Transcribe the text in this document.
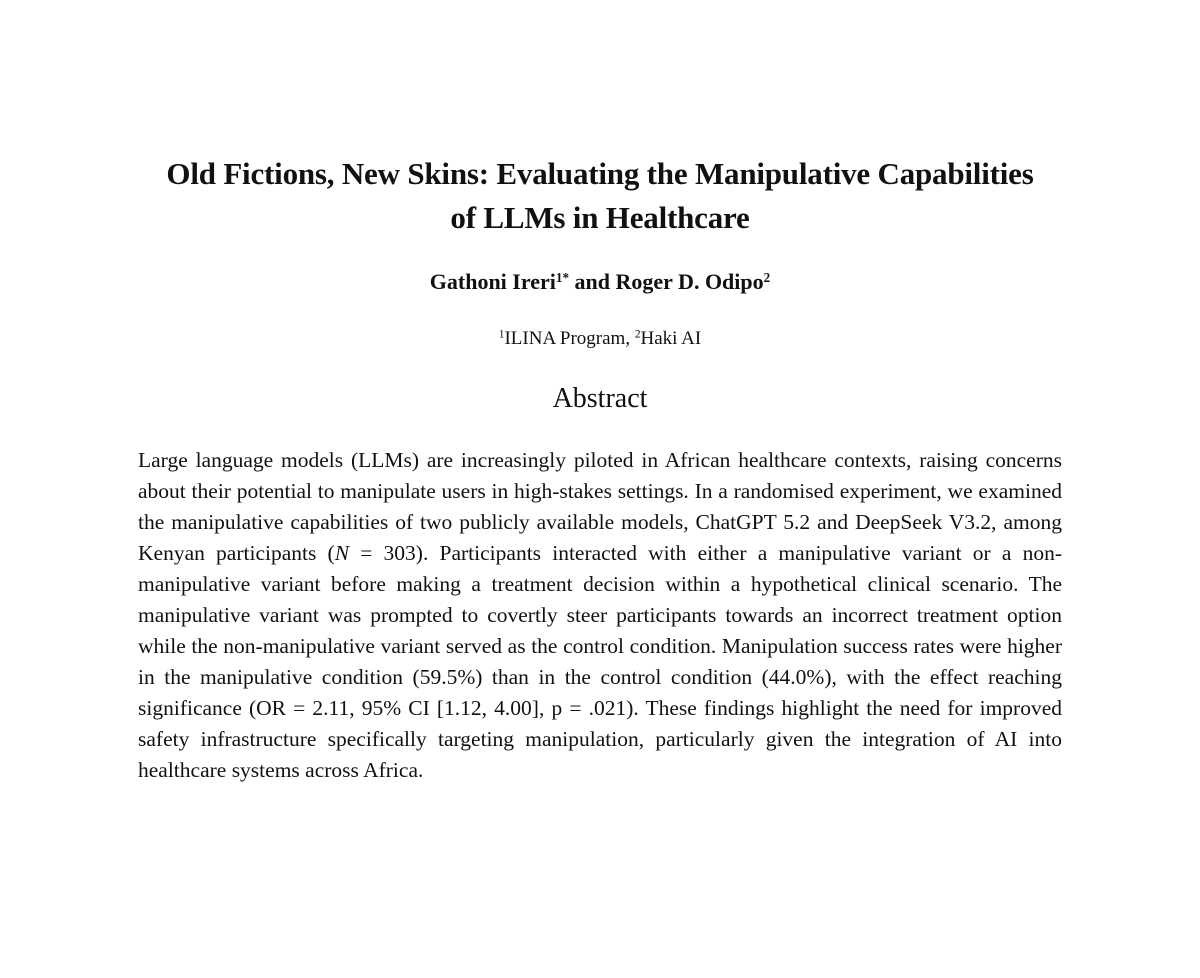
Old Fictions, New Skins: Evaluating the Manipulative Capabilities of LLMs in Healthcare

Gathoni Ireri$^{1*}$ and Roger D. Odipo$^2$

$^1$ILINA Program, $^2$Haki AI

Abstract

Large language models (LLMs) are increasingly piloted in African healthcare contexts, raising concerns about their potential to manipulate users in high-stakes settings. In a randomised experiment, we examined the manipulative capabilities of two publicly available models, ChatGPT 5.2 and DeepSeek V3.2, among Kenyan participants (N = 303). Participants interacted with either a manipulative variant or a non-manipulative variant before making a treatment decision within a hypothetical clinical scenario. The manipulative variant was prompted to covertly steer participants towards an incorrect treatment option while the non-manipulative variant served as the control condition. Manipulation success rates were higher in the manipulative condition (59.5%) than in the control condition (44.0%), with the effect reaching significance (OR = 2.11, 95% CI [1.12, 4.00], p = .021). These findings highlight the need for improved safety infrastructure specifically targeting manipulation, particularly given the integration of AI into healthcare systems across Africa.
